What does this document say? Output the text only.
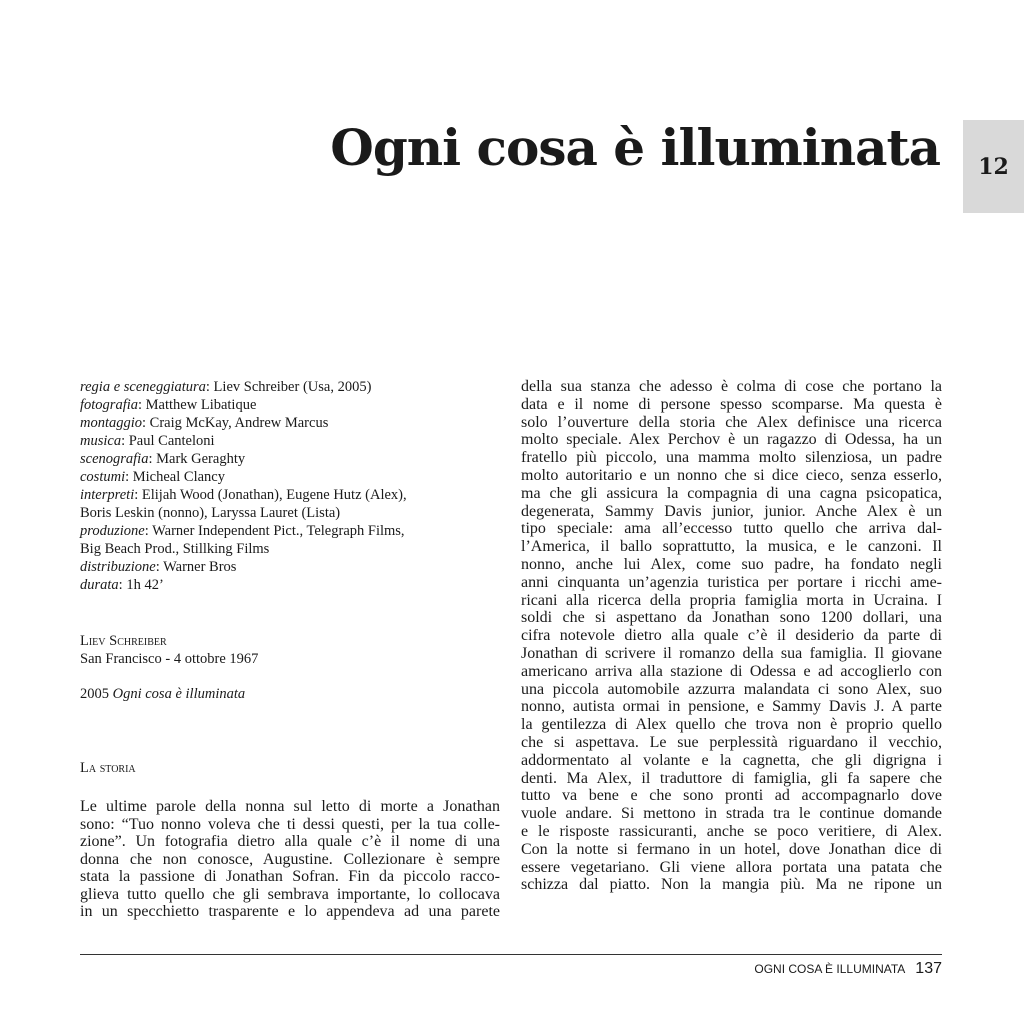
Ogni cosa è illuminata	12
regia e sceneggiatura: Liev Schreiber (Usa, 2005)
fotografia: Matthew Libatique
montaggio: Craig McKay, Andrew Marcus
musica: Paul Canteloni
scenografia: Mark Geraghty
costumi: Micheal Clancy
interpreti: Elijah Wood (Jonathan), Eugene Hutz (Alex),
Boris Leskin (nonno), Laryssa Lauret (Lista)
produzione: Warner Independent Pict., Telegraph Films,
Big Beach Prod., Stillking Films
distribuzione: Warner Bros
durata: 1h 42’
Liev Schreiber
San Francisco - 4 ottobre 1967
2005 Ogni cosa è illuminata
La storia
Le ultime parole della nonna sul letto di morte a Jonathan
sono: “Tuo nonno voleva che ti dessi questi, per la tua colle-
zione”. Un fotografia dietro alla quale c’è il nome di una
donna che non conosce, Augustine. Collezionare è sempre
stata la passione di Jonathan Sofran. Fin da piccolo racco-
glieva tutto quello che gli sembrava importante, lo collocava
in un specchietto trasparente e lo appendeva ad una parete
della sua stanza che adesso è colma di cose che portano la
data e il nome di persone spesso scomparse. Ma questa è
solo l’ouverture della storia che Alex definisce una ricerca
molto speciale. Alex Perchov è un ragazzo di Odessa, ha un
fratello più piccolo, una mamma molto silenziosa, un padre
molto autoritario e un nonno che si dice cieco, senza esserlo,
ma che gli assicura la compagnia di una cagna psicopatica,
degenerata, Sammy Davis junior, junior. Anche Alex è un
tipo speciale: ama all’eccesso tutto quello che arriva dal-
l’America, il ballo soprattutto, la musica, e le canzoni. Il
nonno, anche lui Alex, come suo padre, ha fondato negli
anni cinquanta un’agenzia turistica per portare i ricchi ame-
ricani alla ricerca della propria famiglia morta in Ucraina. I
soldi che si aspettano da Jonathan sono 1200 dollari, una
cifra notevole dietro alla quale c’è il desiderio da parte di
Jonathan di scrivere il romanzo della sua famiglia. Il giovane
americano arriva alla stazione di Odessa e ad accoglierlo con
una piccola automobile azzurra malandata ci sono Alex, suo
nonno, autista ormai in pensione, e Sammy Davis J. A parte
la gentilezza di Alex quello che trova non è proprio quello
che si aspettava. Le sue perplessità riguardano il vecchio,
addormentato al volante e la cagnetta, che gli digrigna i
denti. Ma Alex, il traduttore di famiglia, gli fa sapere che
tutto va bene e che sono pronti ad accompagnarlo dove
vuole andare. Si mettono in strada tra le continue domande
e le risposte rassicuranti, anche se poco veritiere, di Alex.
Con la notte si fermano in un hotel, dove Jonathan dice di
essere vegetariano. Gli viene allora portata una patata che
schizza dal piatto. Non la mangia più. Ma ne ripone un
OGNI COSA È ILLUMINATA 137
